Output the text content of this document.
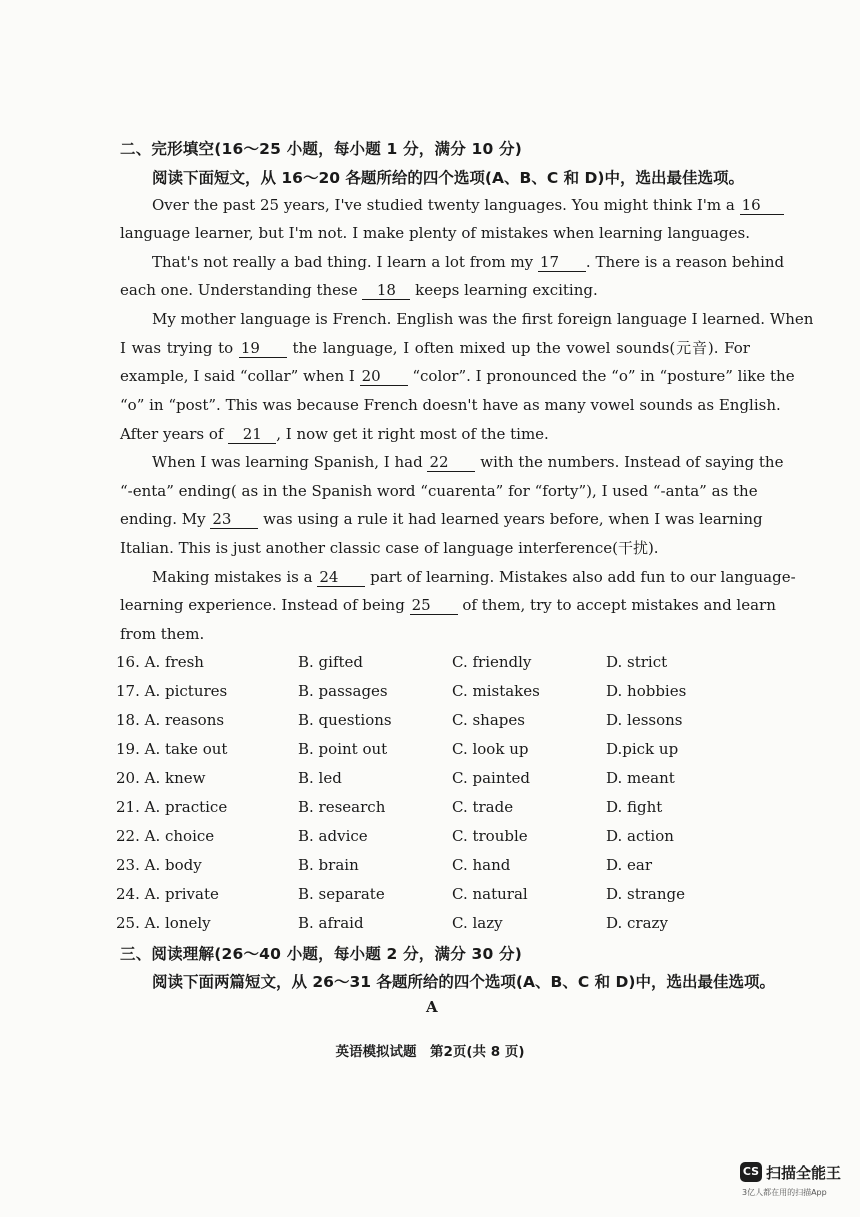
二、完形填空(16～25 小题，每小题 1 分，满分 10 分)
阅读下面短文，从 16～20 各题所给的四个选项(A、B、C 和 D)中，选出最佳选项。
Over the past 25 years, I've studied twenty languages. You might think I'm a 16
language learner, but I'm not. I make plenty of mistakes when learning languages.
That's not really a bad thing. I learn a lot from my 17 . There is a reason behind
each one. Understanding these 18 keeps learning exciting.
My mother language is French. English was the first foreign language I learned. When
I was trying to 19 the language, I often mixed up the vowel sounds(元音). For
example, I said “collar” when I 20 “color”. I pronounced the “o” in “posture” like the
“o” in “post”. This was because French doesn't have as many vowel sounds as English.
After years of 21 , I now get it right most of the time.
When I was learning Spanish, I had 22 with the numbers. Instead of saying the
“-enta” ending( as in the Spanish word “cuarenta” for “forty”), I used “-anta” as the
ending. My 23 was using a rule it had learned years before, when I was learning
Italian. This is just another classic case of language interference(干扰).
Making mistakes is a 24 part of learning. Mistakes also add fun to our language-
learning experience. Instead of being 25 of them, try to accept mistakes and learn
from them.
16. A. fresh	B. gifted	C. friendly	D. strict
17. A. pictures	B. passages	C. mistakes	D. hobbies
18. A. reasons	B. questions	C. shapes	D. lessons
19. A. take out	B. point out	C. look up	D.pick up
20. A. knew	B. led	C. painted	D. meant
21. A. practice	B. research	C. trade	D. fight
22. A. choice	B. advice	C. trouble	D. action
23. A. body	B. brain	C. hand	D. ear
24. A. private	B. separate	C. natural	D. strange
25. A. lonely	B. afraid	C. lazy	D. crazy
三、阅读理解(26～40 小题，每小题 2 分，满分 30 分)
阅读下面两篇短文，从 26～31 各题所给的四个选项(A、B、C 和 D)中，选出最佳选项。
A
英语模拟试题　第2页(共 8 页)
CS 扫描全能王
3亿人都在用的扫描App
